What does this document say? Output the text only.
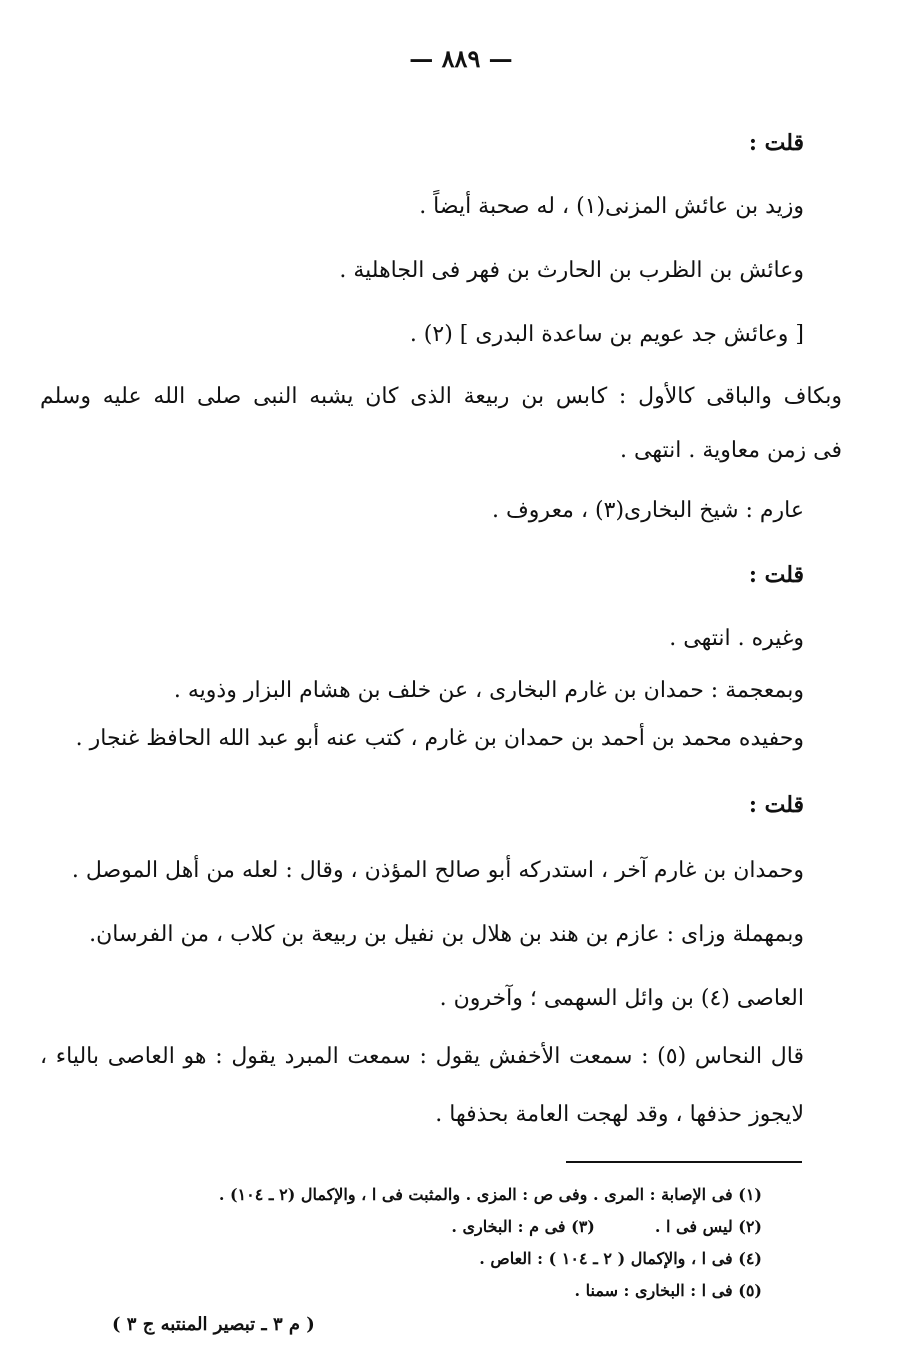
— ٨٨٩ —
قلت :
وزيد بن عائش المزنى(١) ، له صحبة أيضاً .
وعائش بن الظرب بن الحارث بن فهر فى الجاهلية .
[ وعائش جد عويم بن ساعدة البدرى ] (٢) .
وبكاف والباقى كالأول : كابس بن ربيعة الذى كان يشبه النبى صلى الله عليه وسلم
فى زمن معاوية . انتهى .
عارم : شيخ البخارى(٣) ، معروف .
قلت :
وغيره . انتهى .
وبمعجمة : حمدان بن غارم البخارى ، عن خلف بن هشام البزار وذويه .
وحفيده محمد بن أحمد بن حمدان بن غارم ، كتب عنه أبو عبد الله الحافظ غنجار .
قلت :
وحمدان بن غارم آخر ، استدركه أبو صالح المؤذن ، وقال : لعله من أهل الموصل .
وبمهملة وزاى : عازم بن هند بن هلال بن نفيل بن ربيعة بن كلاب ، من الفرسان.
العاصى (٤) بن وائل السهمى ؛ وآخرون .
قال النحاس (٥) : سمعت الأخفش يقول : سمعت المبرد يقول : هو العاصى بالياء ،
لايجوز حذفها ، وقد لهجت العامة بحذفها .
(١) فى الإصابة : المرى . وفى ص : المزى . والمثبت فى ا ، والإكمال (٢ ـ ١٠٤) .
(٢) ليس فى ا .(٣) فى م : البخارى .
(٤) فى ا ، والإكمال ( ٢ ـ ١٠٤ ) : العاص .
(٥) فى ا : البخارى : سمنا .
( م ٣ ـ تبصير المنتبه ج ٣ )
